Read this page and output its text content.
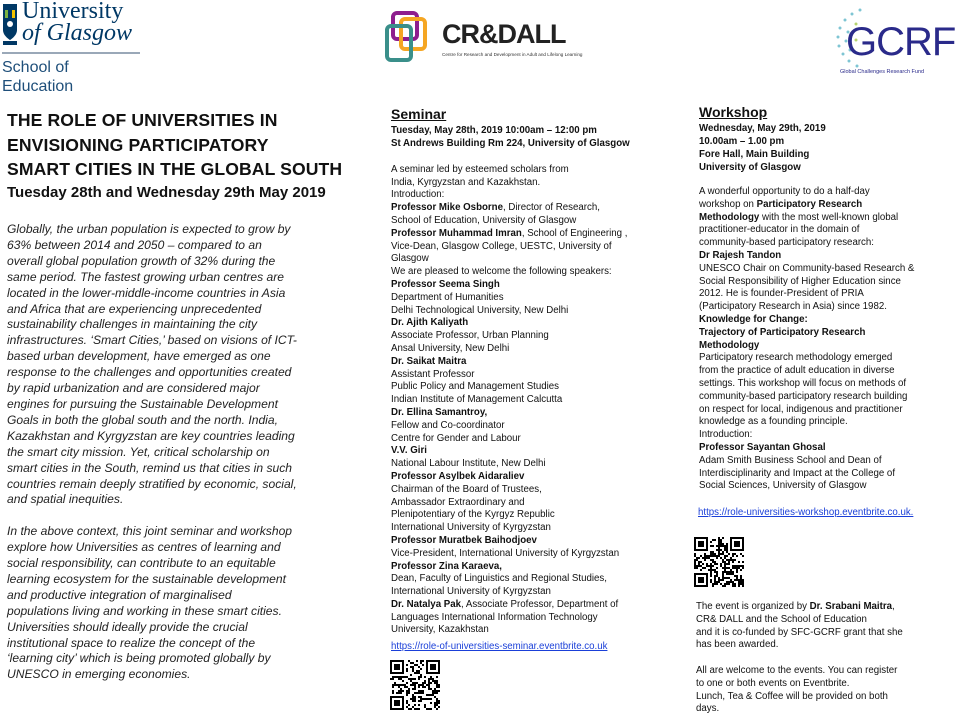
University
of Glasgow
School of
Education
CR&DALL
Centre for Research and Development in Adult and Lifelong Learning	GCRF
Global Challenges Research Fund
THE ROLE OF UNIVERSITIES IN
ENVISIONING PARTICIPATORY
SMART CITIES IN THE GLOBAL SOUTH
Tuesday 28th and Wednesday 29th May 2019
Globally, the urban population is expected to grow by
63% between 2014 and 2050 – compared to an
overall global population growth of 32% during the
same period. The fastest growing urban centres are
located in the lower-middle-income countries in Asia
and Africa that are experiencing unprecedented
sustainability challenges in maintaining the city
infrastructures. ‘Smart Cities,’ based on visions of ICT-
based urban development, have emerged as one
response to the challenges and opportunities created
by rapid urbanization and are considered major
engines for pursuing the Sustainable Development
Goals in both the global south and the north. India,
Kazakhstan and Kyrgyzstan are key countries leading
the smart city mission. Yet, critical scholarship on
smart cities in the South, remind us that cities in such
countries remain deeply stratified by economic, social,
and spatial inequities.

In the above context, this joint seminar and workshop
explore how Universities as centres of learning and
social responsibility, can contribute to an equitable
learning ecosystem for the sustainable development
and productive integration of marginalised
populations living and working in these smart cities.
Universities should ideally provide the crucial
institutional space to realize the concept of the
‘learning city’ which is being promoted globally by
UNESCO in emerging economies.
Seminar
Tuesday, May 28th, 2019 10:00am – 12:00 pm
St Andrews Building Rm 224, University of Glasgow

A seminar led by esteemed scholars from
India, Kyrgyzstan and Kazakhstan.
Introduction:
Professor Mike Osborne, Director of Research,
School of Education, University of Glasgow
Professor Muhammad Imran, School of Engineering ,
Vice-Dean, Glasgow College, UESTC, University of
Glasgow
We are pleased to welcome the following speakers:
Professor Seema Singh
Department of Humanities
Delhi Technological University, New Delhi
Dr. Ajith Kaliyath
Associate Professor, Urban Planning
Ansal University, New Delhi
Dr. Saikat Maitra
Assistant Professor
Public Policy and Management Studies
Indian Institute of Management Calcutta
Dr. Ellina Samantroy,
Fellow and Co-coordinator
Centre for Gender and Labour
V.V. Giri
National Labour Institute, New Delhi
Professor Asylbek Aidaraliev
Chairman of the Board of Trustees,
Ambassador Extraordinary and
Plenipotentiary of the Kyrgyz Republic
International University of Kyrgyzstan
Professor Muratbek Baihodjoev
Vice-President, International University of Kyrgyzstan
Professor Zina Karaeva,
Dean, Faculty of Linguistics and Regional Studies,
International University of Kyrgyzstan
Dr. Natalya Pak, Associate Professor, Department of
Languages International Information Technology
University, Kazakhstan
https://role-of-universities-seminar.eventbrite.co.uk
Workshop
Wednesday, May 29th, 2019
10.00am – 1.00 pm
Fore Hall, Main Building
University of Glasgow
A wonderful opportunity to do a half-day
workshop on Participatory Research
Methodology with the most well-known global
practitioner-educator in the domain of
community-based participatory research:
Dr Rajesh Tandon
UNESCO Chair on Community-based Research &
Social Responsibility of Higher Education since
2012. He is founder-President of PRIA
(Participatory Research in Asia) since 1982.
Knowledge for Change:
Trajectory of Participatory Research
Methodology
Participatory research methodology emerged
from the practice of adult education in diverse
settings. This workshop will focus on methods of
community-based participatory research building
on respect for local, indigenous and practitioner
knowledge as a founding principle.
Introduction:
Professor Sayantan Ghosal
Adam Smith Business School and Dean of
Interdisciplinarity and Impact at the College of
Social Sciences, University of Glasgow
https://role-universities-workshop.eventbrite.co.uk.
The event is organized by Dr. Srabani Maitra,
CR& DALL and the School of Education
and it is co-funded by SFC-GCRF grant that she
has been awarded.

All are welcome to the events. You can register
to one or both events on Eventbrite.
Lunch, Tea & Coffee will be provided on both
days.
